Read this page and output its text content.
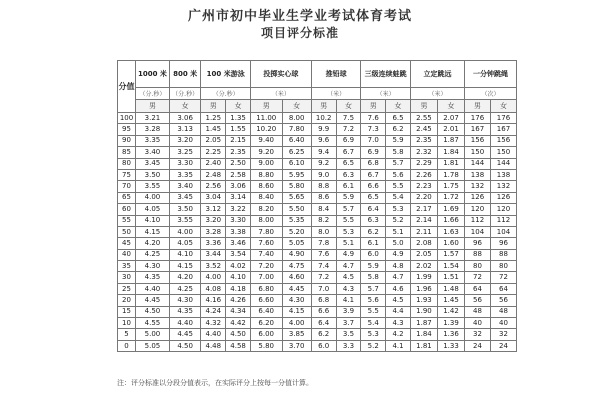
广州市初中毕业生学业考试体育考试
项目评分标准
分值	1000 米	800 米	100 米游泳		投掷实心球		推铅球		三级连续蛙跳		立定跳远		一分钟跳绳	
	（分.秒）	（分.秒）	（分.秒）		（米）		（米）		（米）		（米）		（次）	
	男	女	男	女	男	女	男	女	男	女	男	女	男	女
100	3.21	3.06	1.25	1.35	11.00	8.00	10.2	7.5	7.6	6.5	2.55	2.07	176	176
95	3.28	3.13	1.45	1.55	10.20	7.80	9.9	7.2	7.3	6.2	2.45	2.01	167	167
90	3.35	3.20	2.05	2.15	9.40	6.40	9.6	6.9	7.0	5.9	2.35	1.87	156	156
85	3.40	3.25	2.25	2.35	9.20	6.25	9.4	6.7	6.9	5.8	2.32	1.84	150	150
80	3.45	3.30	2.40	2.50	9.00	6.10	9.2	6.5	6.8	5.7	2.29	1.81	144	144
75	3.50	3.35	2.48	2.58	8.80	5.95	9.0	6.3	6.7	5.6	2.26	1.78	138	138
70	3.55	3.40	2.56	3.06	8.60	5.80	8.8	6.1	6.6	5.5	2.23	1.75	132	132
65	4.00	3.45	3.04	3.14	8.40	5.65	8.6	5.9	6.5	5.4	2.20	1.72	126	126
60	4.05	3.50	3.12	3.22	8.20	5.50	8.4	5.7	6.4	5.3	2.17	1.69	120	120
55	4.10	3.55	3.20	3.30	8.00	5.35	8.2	5.5	6.3	5.2	2.14	1.66	112	112
50	4.15	4.00	3.28	3.38	7.80	5.20	8.0	5.3	6.2	5.1	2.11	1.63	104	104
45	4.20	4.05	3.36	3.46	7.60	5.05	7.8	5.1	6.1	5.0	2.08	1.60	96	96
40	4.25	4.10	3.44	3.54	7.40	4.90	7.6	4.9	6.0	4.9	2.05	1.57	88	88
35	4.30	4.15	3.52	4.02	7.20	4.75	7.4	4.7	5.9	4.8	2.02	1.54	80	80
30	4.35	4.20	4.00	4.10	7.00	4.60	7.2	4.5	5.8	4.7	1.99	1.51	72	72
25	4.40	4.25	4.08	4.18	6.80	4.45	7.0	4.3	5.7	4.6	1.96	1.48	64	64
20	4.45	4.30	4.16	4.26	6.60	4.30	6.8	4.1	5.6	4.5	1.93	1.45	56	56
15	4.50	4.35	4.24	4.34	6.40	4.15	6.6	3.9	5.5	4.4	1.90	1.42	48	48
10	4.55	4.40	4.32	4.42	6.20	4.00	6.4	3.7	5.4	4.3	1.87	1.39	40	40
5	5.00	4.45	4.40	4.50	6.00	3.85	6.2	3.5	5.3	4.2	1.84	1.36	32	32
0	5.05	4.50	4.48	4.58	5.80	3.70	6.0	3.3	5.2	4.1	1.81	1.33	24	24
注：评分标准以分段分值表示，在实际评分上按每一分值计算。
